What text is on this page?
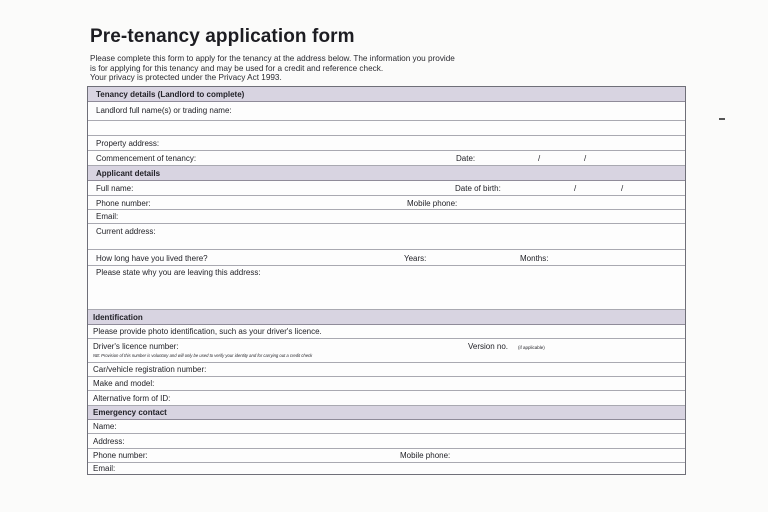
Pre-tenancy application form
Please complete this form to apply for the tenancy at the address below. The information you provide
is for applying for this tenancy and may be used for a credit and reference check.
Your privacy is protected under the Privacy Act 1993.
Tenancy details (Landlord to complete)
Landlord full name(s) or trading name:
Property address:
Commencement of tenancy:	Date:	/	/
Applicant details
Full name:	Date of birth:	/	/
Phone number:	Mobile phone:
Email:
Current address:
How long have you lived there?	Years:	Months:
Please state why you are leaving this address:
Identification
Please provide photo identification, such as your driver's licence.
Driver's licence number:	Version no. (if applicable)
NB: Provision of this number is voluntary and will only be used to verify your identity and for carrying out a credit check
Car/vehicle registration number:
Make and model:
Alternative form of ID:
Emergency contact
Name:
Address:
Phone number:	Mobile phone:
Email:
